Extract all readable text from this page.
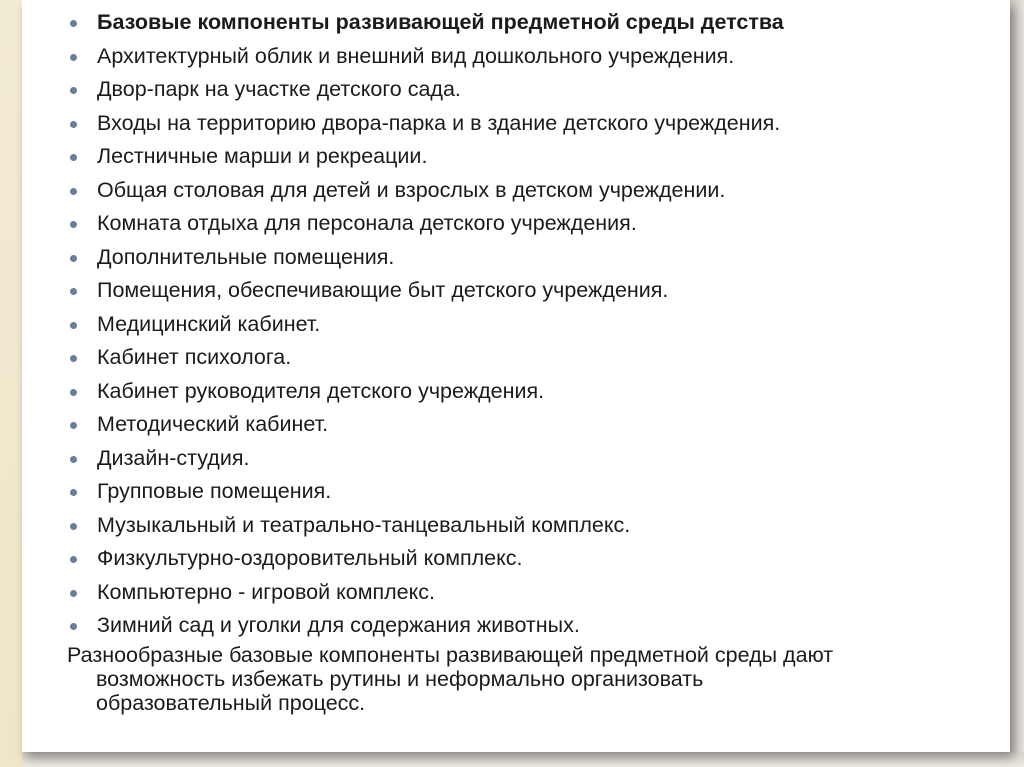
Базовые компоненты развивающей предметной среды детства
Архитектурный облик и внешний вид дошкольного учреждения.
Двор-парк на участке детского сада.
Входы на территорию двора-парка и в здание детского учреждения.
Лестничные марши и рекреации.
Общая столовая для детей и взрослых в детском учреждении.
Комната отдыха для персонала детского учреждения.
Дополнительные помещения.
Помещения, обеспечивающие быт детского учреждения.
Медицинский кабинет.
Кабинет психолога.
Кабинет руководителя детского учреждения.
Методический кабинет.
Дизайн-студия.
Групповые помещения.
Музыкальный и театрально-танцевальный комплекс.
Физкультурно-оздоровительный комплекс.
Компьютерно - игровой комплекс.
Зимний сад и уголки для содержания животных.
Разнообразные базовые компоненты развивающей предметной среды дают
возможность избежать рутины и неформально организовать
образовательный процесс.
